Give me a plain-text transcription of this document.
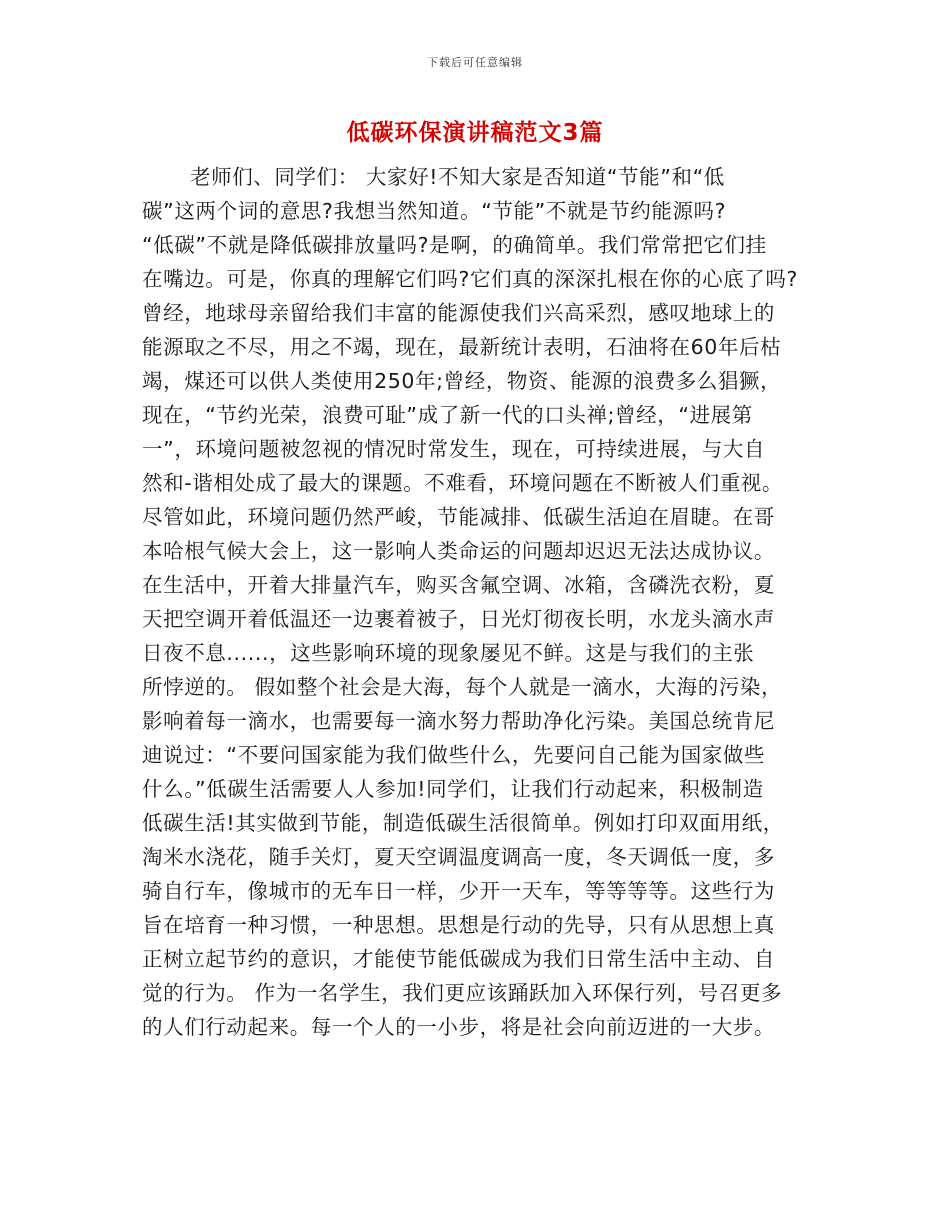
下载后可任意编辑
低碳环保演讲稿范文3篇
老师们、同学们： 大家好!不知大家是否知道“节能”和“低
碳”这两个词的意思?我想当然知道。“节能”不就是节约能源吗?
“低碳”不就是降低碳排放量吗?是啊，的确简单。我们常常把它们挂
在嘴边。可是，你真的理解它们吗?它们真的深深扎根在你的心底了吗?
曾经，地球母亲留给我们丰富的能源使我们兴高采烈，感叹地球上的
能源取之不尽，用之不竭，现在，最新统计表明，石油将在60年后枯
竭，煤还可以供人类使用250年;曾经，物资、能源的浪费多么猖獗，
现在，“节约光荣，浪费可耻”成了新一代的口头禅;曾经，“进展第
一”，环境问题被忽视的情况时常发生，现在，可持续进展，与大自
然和-谐相处成了最大的课题。不难看，环境问题在不断被人们重视。
尽管如此，环境问题仍然严峻，节能减排、低碳生活迫在眉睫。在哥
本哈根气候大会上，这一影响人类命运的问题却迟迟无法达成协议。
在生活中，开着大排量汽车，购买含氟空调、冰箱，含磷洗衣粉，夏
天把空调开着低温还一边裹着被子，日光灯彻夜长明，水龙头滴水声
日夜不息......，这些影响环境的现象屡见不鲜。这是与我们的主张
所悖逆的。 假如整个社会是大海，每个人就是一滴水，大海的污染，
影响着每一滴水，也需要每一滴水努力帮助净化污染。美国总统肯尼
迪说过：“不要问国家能为我们做些什么，先要问自己能为国家做些
什么。”低碳生活需要人人参加!同学们，让我们行动起来，积极制造
低碳生活!其实做到节能，制造低碳生活很简单。例如打印双面用纸，
淘米水浇花，随手关灯，夏天空调温度调高一度，冬天调低一度，多
骑自行车，像城市的无车日一样，少开一天车，等等等等。这些行为
旨在培育一种习惯，一种思想。思想是行动的先导，只有从思想上真
正树立起节约的意识，才能使节能低碳成为我们日常生活中主动、自
觉的行为。 作为一名学生，我们更应该踊跃加入环保行列，号召更多
的人们行动起来。每一个人的一小步，将是社会向前迈进的一大步。
